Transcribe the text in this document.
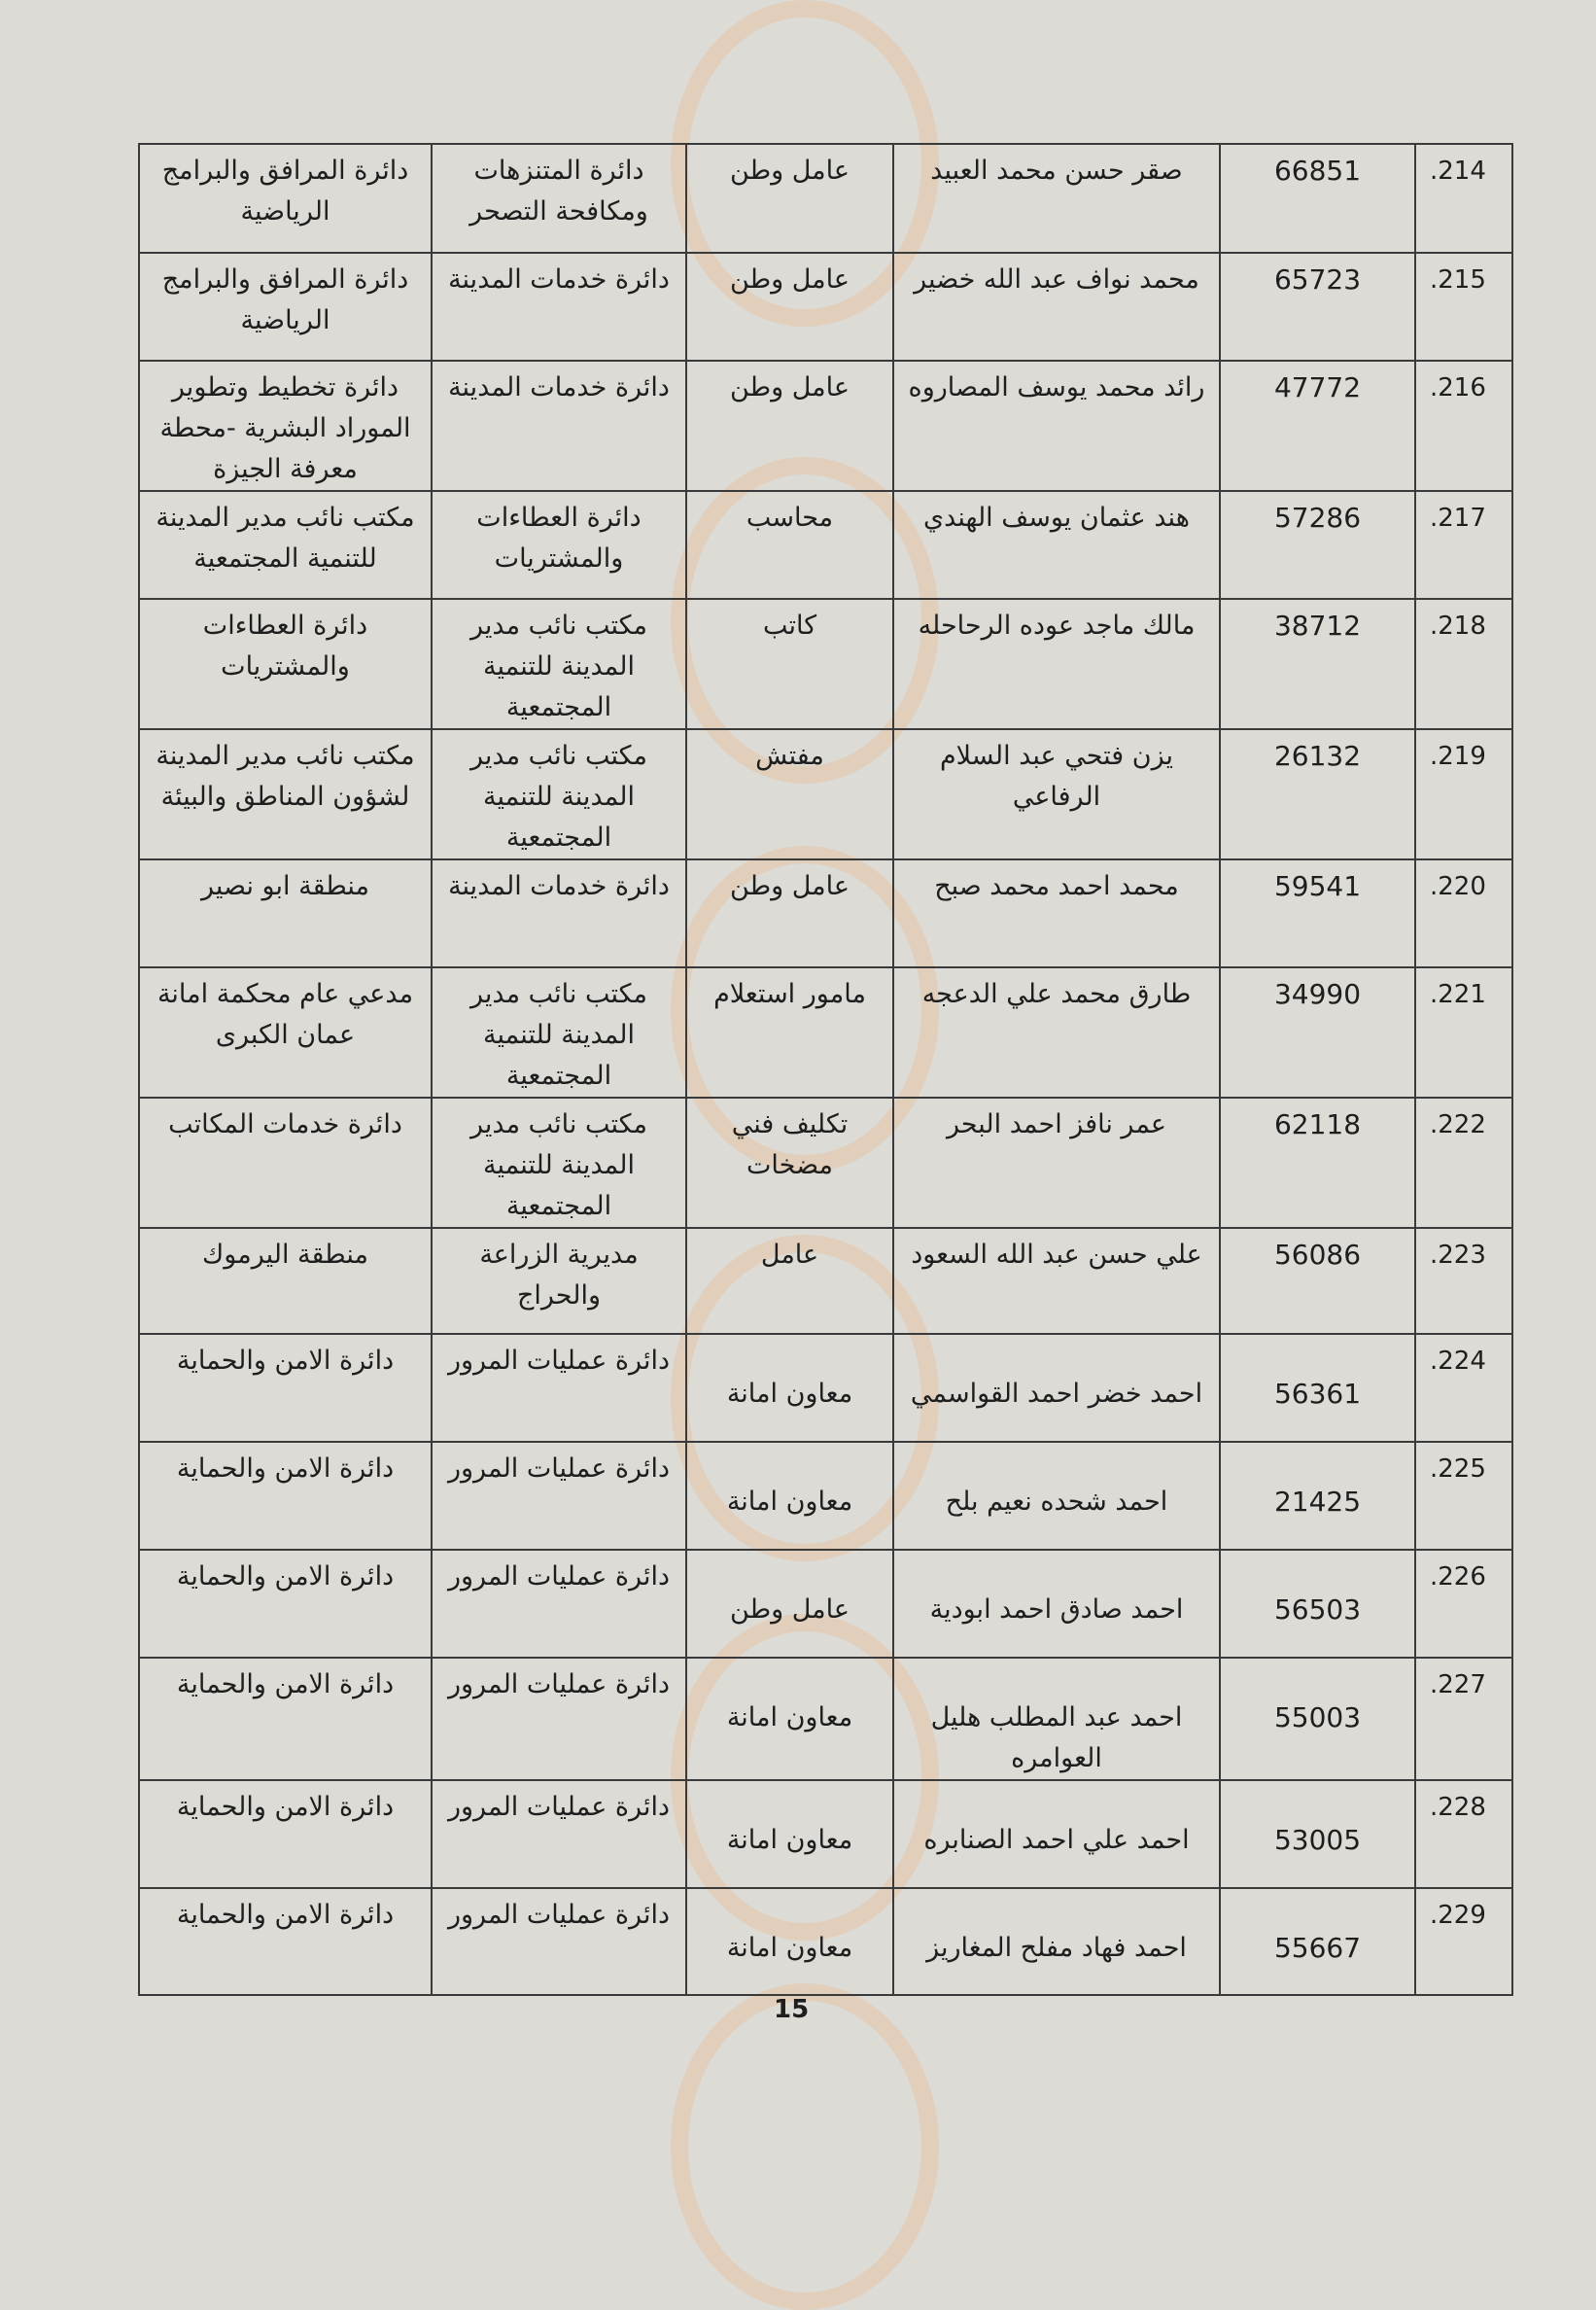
.214	66851	صقر حسن محمد العبيد	عامل وطن	دائرة المتنزهات ومكافحة التصحر	دائرة المرافق والبرامج الرياضية
.215	65723	محمد نواف عبد الله خضير	عامل وطن	دائرة خدمات المدينة	دائرة المرافق والبرامج الرياضية
.216	47772	رائد محمد يوسف المصاروه	عامل وطن	دائرة خدمات المدينة	دائرة تخطيط وتطوير الموراد البشرية -محطة معرفة الجيزة
.217	57286	هند عثمان يوسف الهندي	محاسب	دائرة العطاءات والمشتريات	مكتب نائب مدير المدينة للتنمية المجتمعية
.218	38712	مالك ماجد عوده الرحاحله	كاتب	مكتب نائب مدير المدينة للتنمية المجتمعية	دائرة العطاءات والمشتريات
.219	26132	يزن فتحي عبد السلام الرفاعي	مفتش	مكتب نائب مدير المدينة للتنمية المجتمعية	مكتب نائب مدير المدينة لشؤون المناطق والبيئة
.220	59541	محمد احمد محمد صبح	عامل وطن	دائرة خدمات المدينة	منطقة ابو نصير
.221	34990	طارق محمد علي الدعجه	مامور استعلام	مكتب نائب مدير المدينة للتنمية المجتمعية	مدعي عام محكمة امانة عمان الكبرى
.222	62118	عمر نافز احمد البحر	تكليف فني مضخات	مكتب نائب مدير المدينة للتنمية المجتمعية	دائرة خدمات المكاتب
.223	56086	علي حسن عبد الله السعود	عامل	مديرية الزراعة والحراج	منطقة اليرموك
.224	56361	احمد خضر احمد القواسمي	معاون امانة	دائرة عمليات المرور	دائرة الامن والحماية
.225	21425	احمد شحده نعيم بلح	معاون امانة	دائرة عمليات المرور	دائرة الامن والحماية
.226	56503	احمد صادق احمد ابودية	عامل وطن	دائرة عمليات المرور	دائرة الامن والحماية
.227	55003	احمد عبد المطلب هليل العوامره	معاون امانة	دائرة عمليات المرور	دائرة الامن والحماية
.228	53005	احمد علي احمد الصنابره	معاون امانة	دائرة عمليات المرور	دائرة الامن والحماية
.229	55667	احمد فهاد مفلح المغاريز	معاون امانة	دائرة عمليات المرور	دائرة الامن والحماية
15
